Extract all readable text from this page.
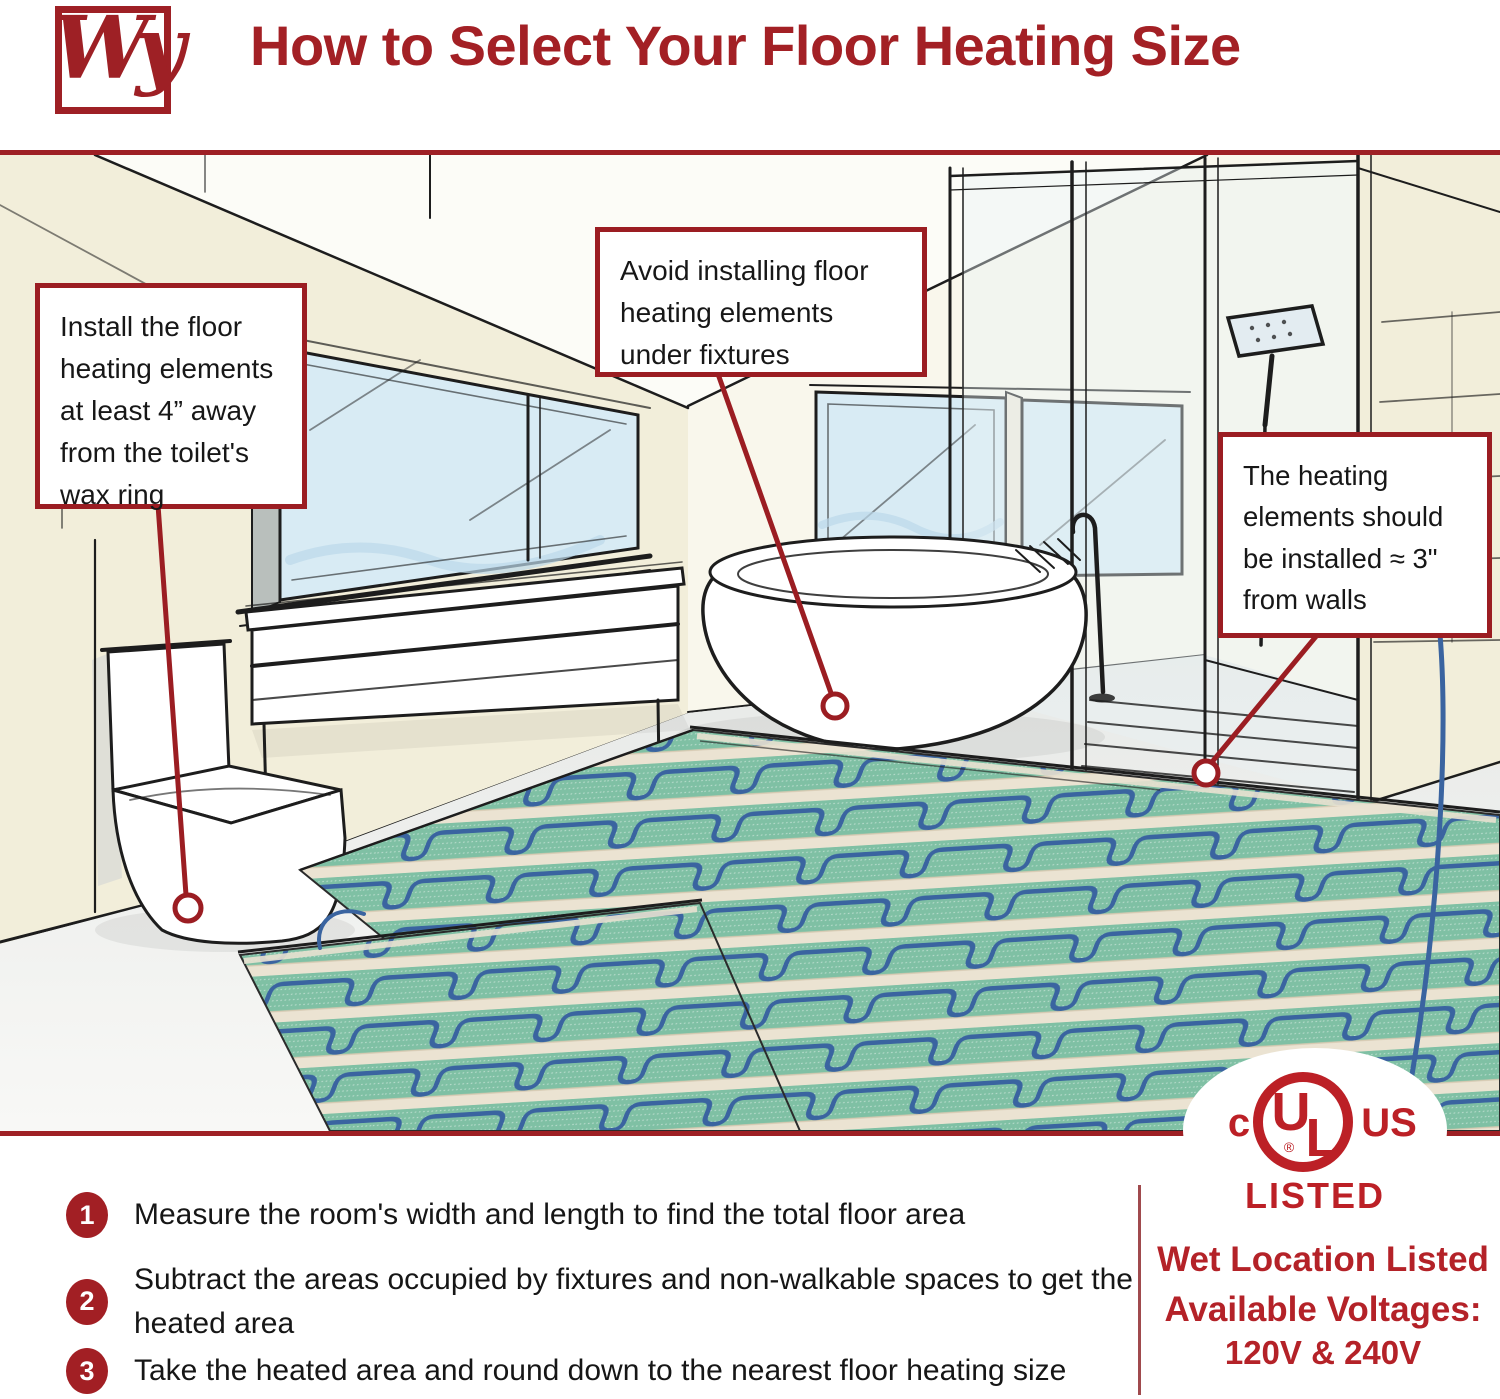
Wy How to Select Your Floor Heating Size

Install the floor heating elements at least 4” away from the toilet's wax ring

Avoid installing floor heating elements under fixtures

The heating elements should be installed ≈ 3" from walls

1	Measure the room's width and length to find the total floor area

2

Subtract the areas occupied by fixtures and non-walkable spaces to get the heated area

3	Take the heated area and round down to the nearest floor heating size

U
L
®
c	US
LISTED

Wet Location Listed

Available Voltages:

120V & 240V
